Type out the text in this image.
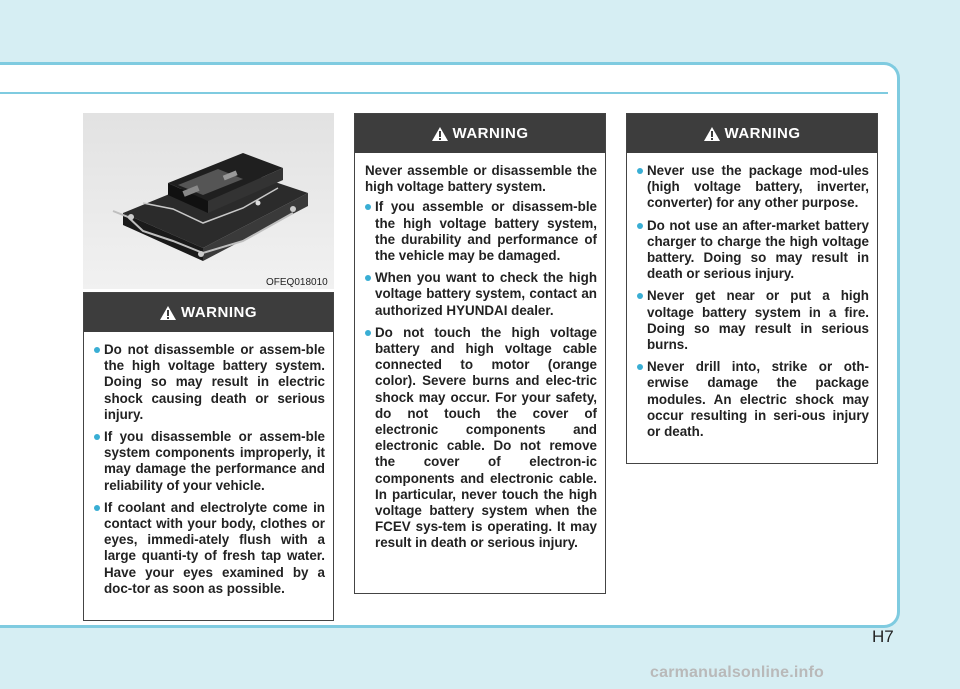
OFEQ018010
WARNING
Do not disassemble or assem-ble the high voltage battery system. Doing so may result in electric shock causing death or serious injury.
If you disassemble or assem-ble system components improperly, it may damage the performance and reliability of your vehicle.
If coolant and electrolyte come in contact with your body, clothes or eyes, immedi-ately flush with a large quanti-ty of fresh tap water. Have your eyes examined by a doc-tor as soon as possible.
WARNING

Never assemble or disassemble the high voltage battery system.

If you assemble or disassem-ble the high voltage battery system, the durability and performance of the vehicle may be damaged.
When you want to check the high voltage battery system, contact an authorized HYUNDAI dealer.
Do not touch the high voltage battery and high voltage cable connected to motor (orange color). Severe burns and elec-tric shock may occur. For your safety, do not touch the cover of electronic components and electronic cable. Do not remove the cover of electron-ic components and electronic cable. In particular, never touch the high voltage battery system when the FCEV sys-tem is operating. It may result in death or serious injury.
WARNING
Never use the package mod-ules (high voltage battery, inverter, converter) for any other purpose.
Do not use an after-market battery charger to charge the high voltage battery. Doing so may result in death or serious injury.
Never get near or put a high voltage battery system in a fire. Doing so may result in serious burns.
Never drill into, strike or oth-erwise damage the package modules. An electric shock may occur resulting in seri-ous injury or death.
H7
carmanualsonline.info
